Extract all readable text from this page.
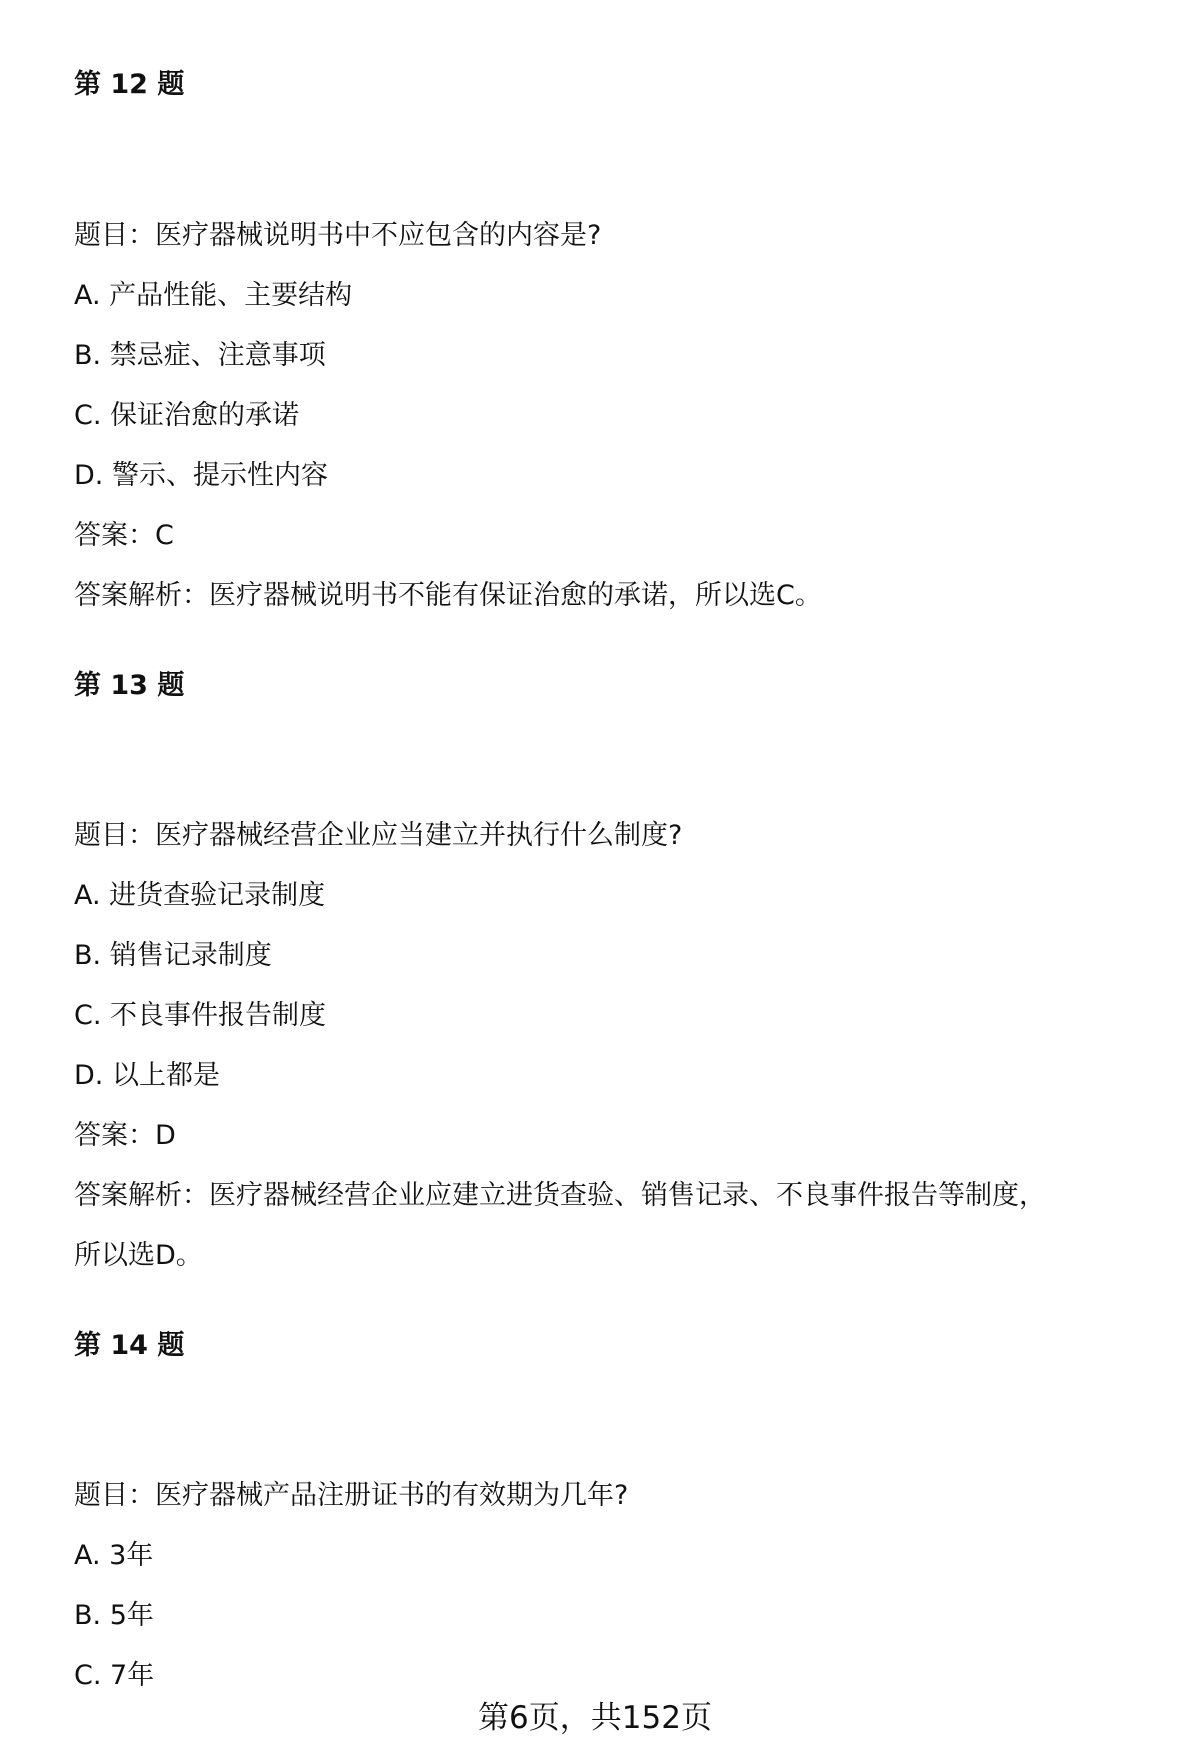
第 12 题
题目：医疗器械说明书中不应包含的内容是?
A. 产品性能、主要结构
B. 禁忌症、注意事项
C. 保证治愈的承诺
D. 警示、提示性内容
答案：C
答案解析：医疗器械说明书不能有保证治愈的承诺，所以选C。
第 13 题
题目：医疗器械经营企业应当建立并执行什么制度?
A. 进货查验记录制度
B. 销售记录制度
C. 不良事件报告制度
D. 以上都是
答案：D
答案解析：医疗器械经营企业应建立进货查验、销售记录、不良事件报告等制度，
所以选D。
第 14 题
题目：医疗器械产品注册证书的有效期为几年?
A. 3年
B. 5年
C. 7年
第6页，共152页
